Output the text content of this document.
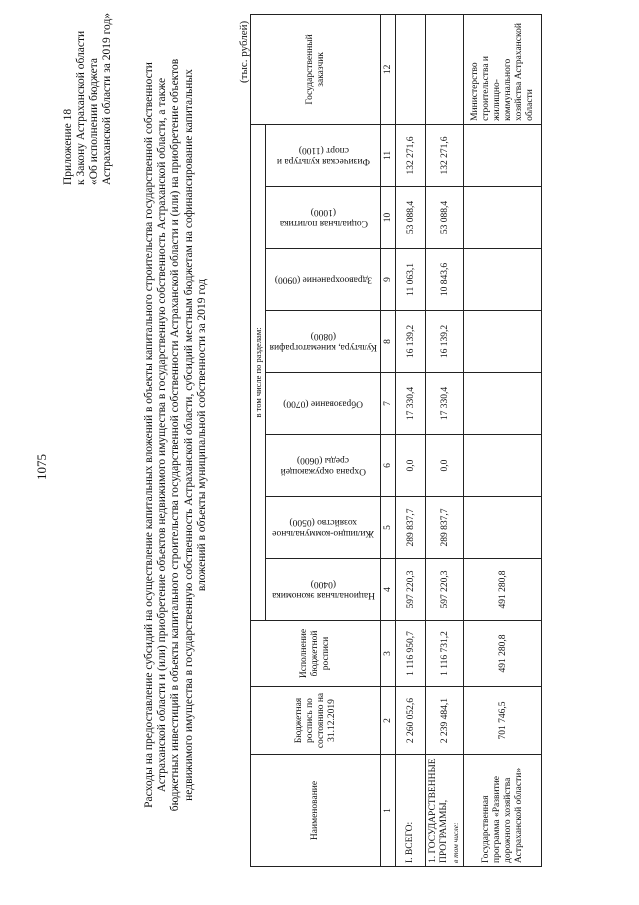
1075
Приложение 18 к Закону Астраханской области «Об исполнении бюджета Астраханской области за 2019 год»	Расходы на предоставление субсидий на осуществление капитальных вложений в объекты капитального строительства государственной собственности Астраханской области и (или) приобретение объектов недвижимого имущества в государственную собственность Астраханской области, а также бюджетных инвестиций в объекты капитального строительства государственной собственности Астраханской области и (или) на приобретение объектов недвижимого имущества в государственную собственность Астраханской области, субсидий местным бюджетам на софинансирование капитальных вложений в объекты муниципальной собственности за 2019 год
(тыс. рублей)
Наименование	Бюджетная роспись по состоянию на 31.12.2019	Исполнение бюджетной росписи	в том числе по разделам:								Государственный заказчик
			Национальная экономика (0400)	Жилищно-коммунальное хозяйство (0500)	Охрана окружающей среды (0600)	Образование (0700)	Культура, кинематография (0800)	Здравоохранение (0900)	Социальная политика (1000)	Физическая культура и спорт (1100)	
1	2	3	4	5	6	7	8	9	10	11	12
I. ВСЕГО:	2 260 052,6	1 116 950,7	597 220,3	289 837,7	0,0	17 330,4	16 139,2	11 063,1	53 088,4	132 271,6	
1. ГОСУДАРСТВЕННЫЕ ПРОГРАММЫ, в том числе:	2 239 484,1	1 116 731,2	597 220,3	289 837,7	0,0	17 330,4	16 139,2	10 843,6	53 088,4	132 271,6	
Государственная программа «Развитие дорожного хозяйства Астраханской области»	701 746,5	491 280,8	491 280,8								Министерство строительства и жилищно-коммунального хозяйства Астраханской области
